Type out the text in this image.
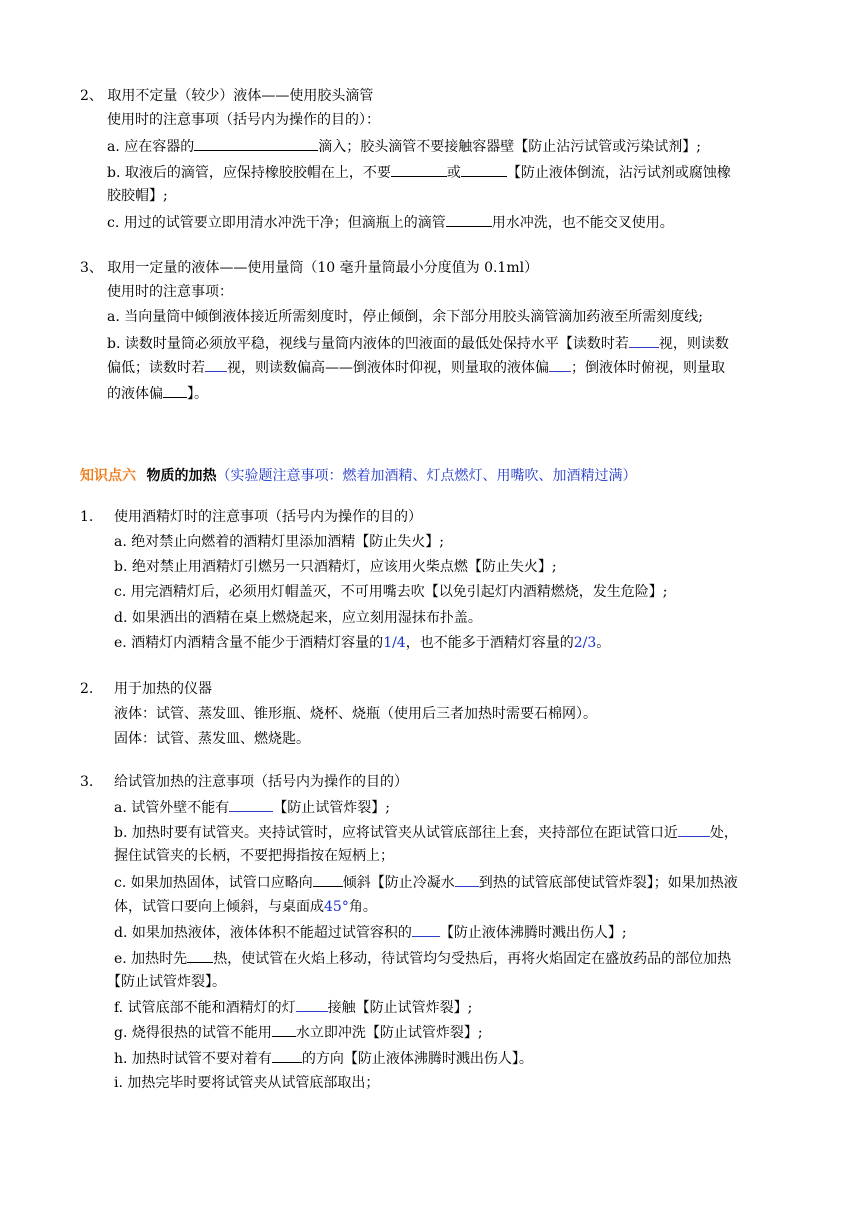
2、 取用不定量（较少）液体——使用胶头滴管
使用时的注意事项（括号内为操作的目的）：
a. 应在容器的	滴入；胶头滴管不要接触容器壁【防止沾污试管或污染试剂】;
b. 取液后的滴管，应保持橡胶胶帽在上，不要	或	【防止液体倒流，沾污试剂或腐蚀橡
胶胶帽】;
c. 用过的试管要立即用清水冲洗干净；但滴瓶上的滴管	用水冲洗，也不能交叉使用。
3、 取用一定量的液体——使用量筒（10 毫升量筒最小分度值为 0.1ml）
使用时的注意事项：
a. 当向量筒中倾倒液体接近所需刻度时，停止倾倒，余下部分用胶头滴管滴加药液至所需刻度线;
b. 读数时量筒必须放平稳，视线与量筒内液体的凹液面的最低处保持水平【读数时若 视，则读数
偏低；读数时若 视，则读数偏高——倒液体时仰视，则量取的液体偏 ；倒液体时俯视，则量取
的液体偏 】。
知识点六 物质的加热（实验题注意事项：燃着加酒精、灯点燃灯、用嘴吹、加酒精过满）
1. 使用酒精灯时的注意事项（括号内为操作的目的）
a. 绝对禁止向燃着的酒精灯里添加酒精【防止失火】;
b. 绝对禁止用酒精灯引燃另一只酒精灯，应该用火柴点燃【防止失火】;
c. 用完酒精灯后，必须用灯帽盖灭，不可用嘴去吹【以免引起灯内酒精燃烧，发生危险】;
d. 如果洒出的酒精在桌上燃烧起来，应立刻用湿抹布扑盖。
e. 酒精灯内酒精含量不能少于酒精灯容量的1/4，也不能多于酒精灯容量的2/3。
2. 用于加热的仪器
液体：试管、蒸发皿、锥形瓶、烧杯、烧瓶（使用后三者加热时需要石棉网）。
固体：试管、蒸发皿、燃烧匙。
3. 给试管加热的注意事项（括号内为操作的目的）
a. 试管外壁不能有	【防止试管炸裂】;
b. 加热时要有试管夹。夹持试管时，应将试管夹从试管底部往上套，夹持部位在距试管口近 处，
握住试管夹的长柄，不要把拇指按在短柄上；
c. 如果加热固体，试管口应略向 倾斜【防止冷凝水 到热的试管底部使试管炸裂】；如果加热液
体，试管口要向上倾斜，与桌面成45°角。
d. 如果加热液体，液体体积不能超过试管容积的 【防止液体沸腾时溅出伤人】;
e. 加热时先 热，使试管在火焰上移动，待试管均匀受热后，再将火焰固定在盛放药品的部位加热
【防止试管炸裂】。
f. 试管底部不能和酒精灯的灯 接触【防止试管炸裂】;
g. 烧得很热的试管不能用 水立即冲洗【防止试管炸裂】;
h. 加热时试管不要对着有 的方向【防止液体沸腾时溅出伤人】。
i. 加热完毕时要将试管夹从试管底部取出；
